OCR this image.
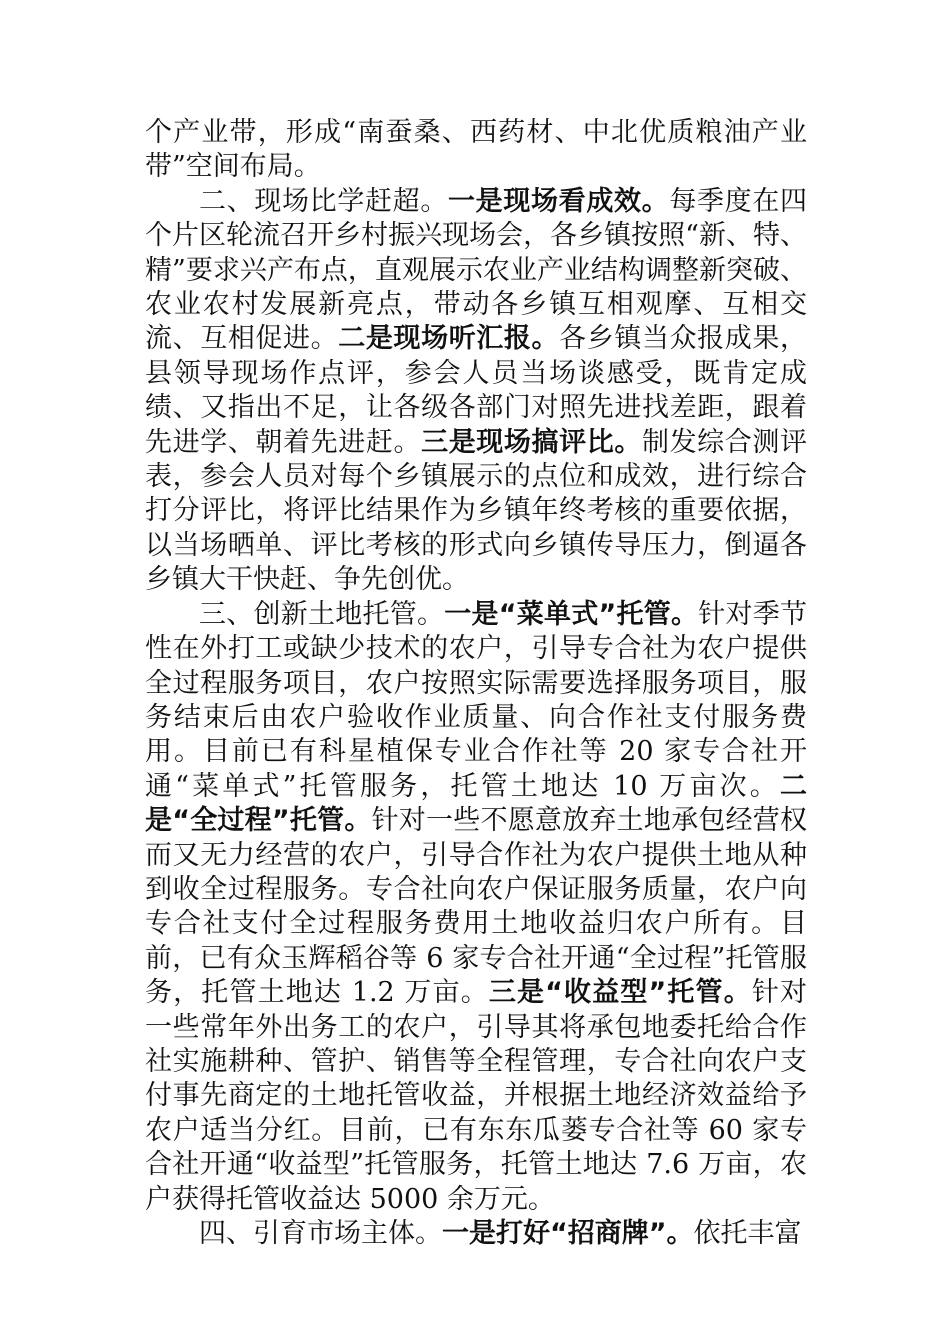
个产业带，形成“南蚕桑、西药材、中北优质粮油产业带”空间布局。

二、现场比学赶超。一是现场看成效。每季度在四个片区轮流召开乡村振兴现场会，各乡镇按照“新、特、精”要求兴产布点，直观展示农业产业结构调整新突破、农业农村发展新亮点，带动各乡镇互相观摩、互相交流、互相促进。二是现场听汇报。各乡镇当众报成果，县领导现场作点评，参会人员当场谈感受，既肯定成绩、又指出不足，让各级各部门对照先进找差距，跟着先进学、朝着先进赶。三是现场搞评比。制发综合测评表，参会人员对每个乡镇展示的点位和成效，进行综合打分评比，将评比结果作为乡镇年终考核的重要依据，以当场晒单、评比考核的形式向乡镇传导压力，倒逼各乡镇大干快赶、争先创优。

三、创新土地托管。一是“菜单式”托管。针对季节性在外打工或缺少技术的农户，引导专合社为农户提供全过程服务项目，农户按照实际需要选择服务项目，服务结束后由农户验收作业质量、向合作社支付服务费用。目前已有科星植保专业合作社等 20 家专合社开通“菜单式”托管服务，托管土地达 10 万亩次。二是“全过程”托管。针对一些不愿意放弃土地承包经营权而又无力经营的农户，引导合作社为农户提供土地从种到收全过程服务。专合社向农户保证服务质量，农户向专合社支付全过程服务费用土地收益归农户所有。目前，已有众玉辉稻谷等 6 家专合社开通“全过程”托管服务，托管土地达 1.2 万亩。三是“收益型”托管。针对一些常年外出务工的农户，引导其将承包地委托给合作社实施耕种、管护、销售等全程管理，专合社向农户支付事先商定的土地托管收益，并根据土地经济效益给予农户适当分红。目前，已有东东瓜蒌专合社等 60 家专合社开通“收益型”托管服务，托管土地达 7.6 万亩，农户获得托管收益达 5000 余万元。

四、引育市场主体。一是打好“招商牌”。依托丰富
